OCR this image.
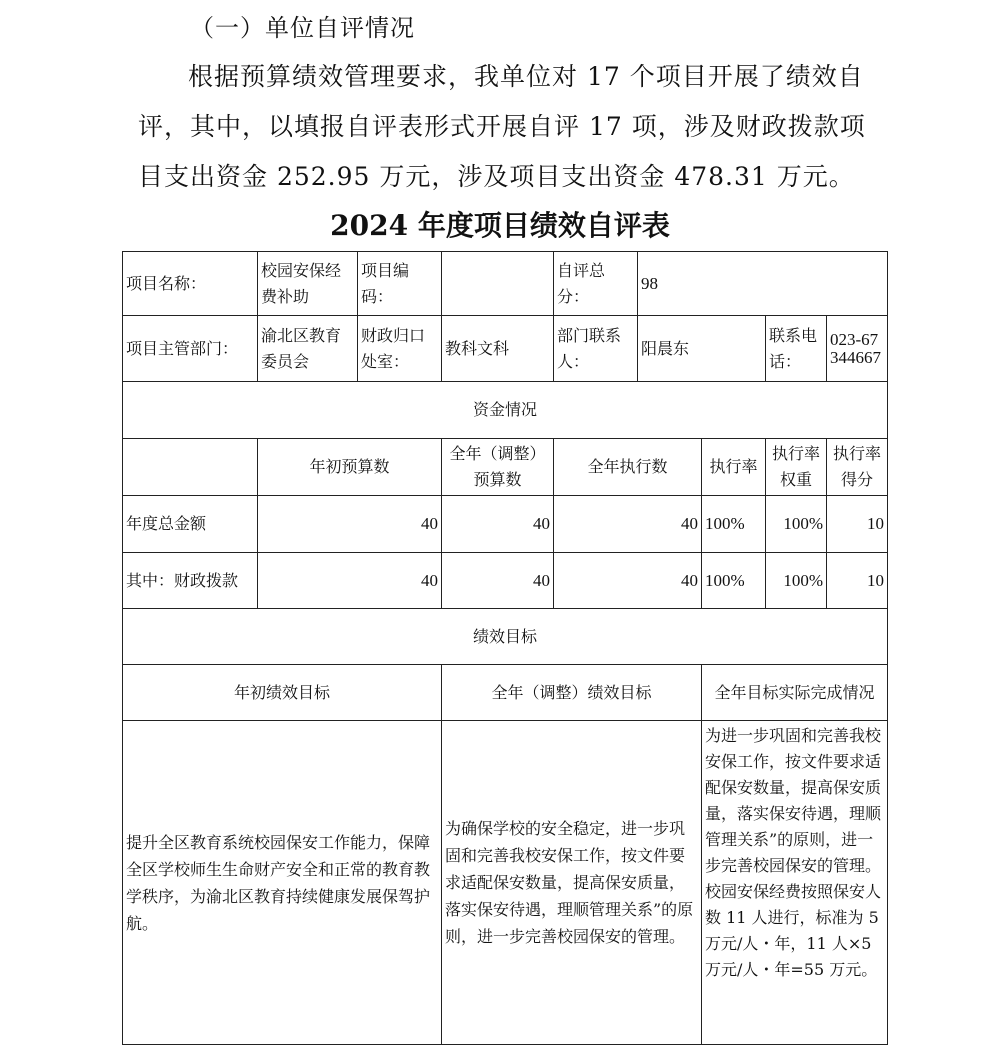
（一）单位自评情况
根据预算绩效管理要求，我单位对 17 个项目开展了绩效自
评，其中，以填报自评表形式开展自评 17 项，涉及财政拨款项
目支出资金 252.95 万元，涉及项目支出资金 478.31 万元。
2024 年度项目绩效自评表
项目名称：	校园安保经费补助	项目编码：		自评总分：	98			
项目主管部门：	渝北区教育委员会	财政归口处室：	教科文科	部门联系人：	阳晨东		联系电话：	023-67344667
资金情况								
	年初预算数		全年（调整）预算数	全年执行数		执行率	执行率权重	执行率得分
年度总金额	40		40	40		100%	100%	10
其中：财政拨款	40		40	40		100%	100%	10
绩效目标								
年初绩效目标			全年（调整）绩效目标			全年目标实际完成情况		
提升全区教育系统校园保安工作能力，保障全区学校师生生命财产安全和正常的教育教学秩序，为渝北区教育持续健康发展保驾护航。			为确保学校的安全稳定，进一步巩固和完善我校安保工作，按文件要求适配保安数量，提高保安质量，落实保安待遇，理顺管理关系”的原则，进一步完善校园保安的管理。			为进一步巩固和完善我校安保工作，按文件要求适配保安数量，提高保安质量，落实保安待遇，理顺管理关系”的原则，进一步完善校园保安的管理。校园安保经费按照保安人数 11 人进行，标准为 5 万元/人・年，11 人×5 万元/人・年=55 万元。		
